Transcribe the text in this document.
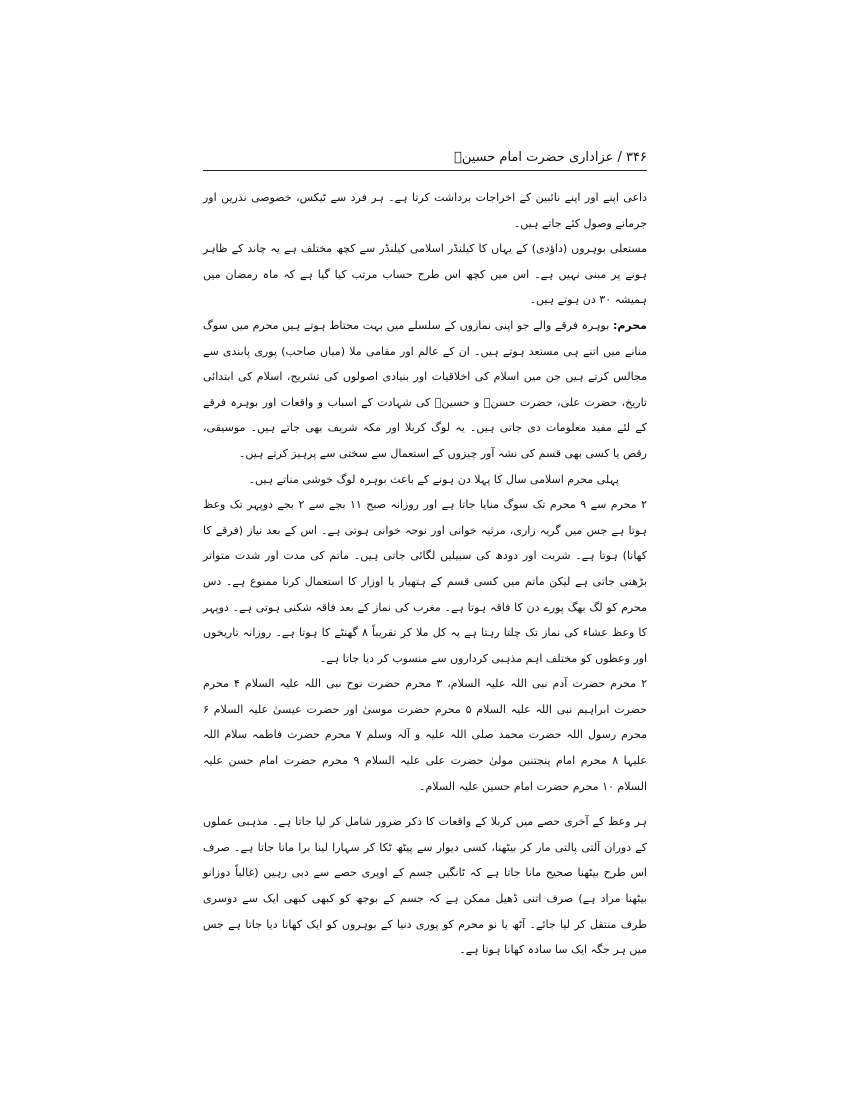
۳۴۶ / عزاداری حضرت امام حسینؑ

داعی اپنے اور اپنے نائبین کے اخراجات برداشت کرتا ہے۔ ہر فرد سے ٹیکس، خصوصی نذریں اور جرمانے وصول کئے جاتے ہیں۔

مستعلی بوہروں (داؤدی) کے یہاں کا کیلنڈر اسلامی کیلنڈر سے کچھ مختلف ہے یہ چاند کے ظاہر ہونے پر مبنی نہیں ہے۔ اس میں کچھ اس طرح حساب مرتب کیا گیا ہے کہ ماہ رمضان میں ہمیشہ ۳۰ دن ہوتے ہیں۔

محرم: بوہرہ فرقے والے جو اپنی نمازوں کے سلسلے میں بہت محتاط ہوتے ہیں محرم میں سوگ منانے میں اتنے ہی مستعد ہوتے ہیں۔ ان کے عالم اور مقامی ملا (میاں صاحب) پوری پابندی سے مجالس کرتے ہیں جن میں اسلام کی اخلاقیات اور بنیادی اصولوں کی تشریح، اسلام کی ابتدائی تاریخ، حضرت علی، حضرت حسنؑ و حسینؑ کی شہادت کے اسباب و واقعات اور بوہرہ فرقے کے لئے مفید معلومات دی جاتی ہیں۔ یہ لوگ کربلا اور مکہ شریف بھی جاتے ہیں۔ موسیقی، رقص یا کسی بھی قسم کی نشہ آور چیزوں کے استعمال سے سختی سے پرہیز کرتے ہیں۔

پہلی محرم اسلامی سال کا پہلا دن ہونے کے باعث بوہرہ لوگ خوشی مناتے ہیں۔

۲ محرم سے ۹ محرم تک سوگ منایا جاتا ہے اور روزانہ صبح ۱۱ بجے سے ۲ بجے دوپہر تک وعظ ہوتا ہے جس میں گریہ زاری، مرثیہ خوانی اور نوحہ خوانی ہوتی ہے۔ اس کے بعد نیاز (فرقے کا کھانا) ہوتا ہے۔ شربت اور دودھ کی سبیلیں لگائی جاتی ہیں۔ ماتم کی مدت اور شدت متواتر بڑھتی جاتی ہے لیکن ماتم میں کسی قسم کے ہتھیار یا اوزار کا استعمال کرنا ممنوع ہے۔ دس محرم کو لگ بھگ پورے دن کا فاقہ ہوتا ہے۔ مغرب کی نماز کے بعد فاقہ شکنی ہوتی ہے۔ دوپہر کا وعظ عشاء کی نماز تک چلتا رہتا ہے یہ کل ملا کر تقریباً ۸ گھنٹے کا ہوتا ہے۔ روزانہ تاریخوں اور وعظوں کو مختلف اہم مذہبی کرداروں سے منسوب کر دیا جاتا ہے۔

۲ محرم حضرت آدم نبی اللہ علیہ السلام، ۳ محرم حضرت نوح نبی اللہ علیہ السلام ۴ محرم حضرت ابراہیم نبی اللہ علیہ السلام ۵ محرم حضرت موسیٰ اور حضرت عیسیٰ علیہ السلام ۶ محرم رسول اللہ حضرت محمد صلی اللہ علیہ و آلہ وسلم ۷ محرم حضرت فاطمہ سلام اللہ علیہا ۸ محرم امام پنجتنین مولیٰ حضرت علی علیہ السلام ۹ محرم حضرت امام حسن علیہ السلام ۱۰ محرم حضرت امام حسین علیہ السلام۔

ہر وعظ کے آخری حصے میں کربلا کے واقعات کا ذکر ضرور شامل کر لیا جاتا ہے۔ مذہبی عملوں کے دوران آلتی پالتی مار کر بیٹھنا، کسی دیوار سے پیٹھ ٹکا کر سہارا لینا برا مانا جاتا ہے۔ صرف اس طرح بیٹھنا صحیح مانا جاتا ہے کہ ٹانگیں جسم کے اوپری حصے سے دبی رہیں (غالباً دوزانو بیٹھنا مراد ہے) صرف اتنی ڈھیل ممکن ہے کہ جسم کے بوجھ کو کبھی کبھی ایک سے دوسری طرف منتقل کر لیا جائے۔ آٹھ یا نو محرم کو پوری دنیا کے بوہروں کو ایک کھانا دیا جاتا ہے جس میں ہر جگہ ایک سا سادہ کھانا ہوتا ہے۔
